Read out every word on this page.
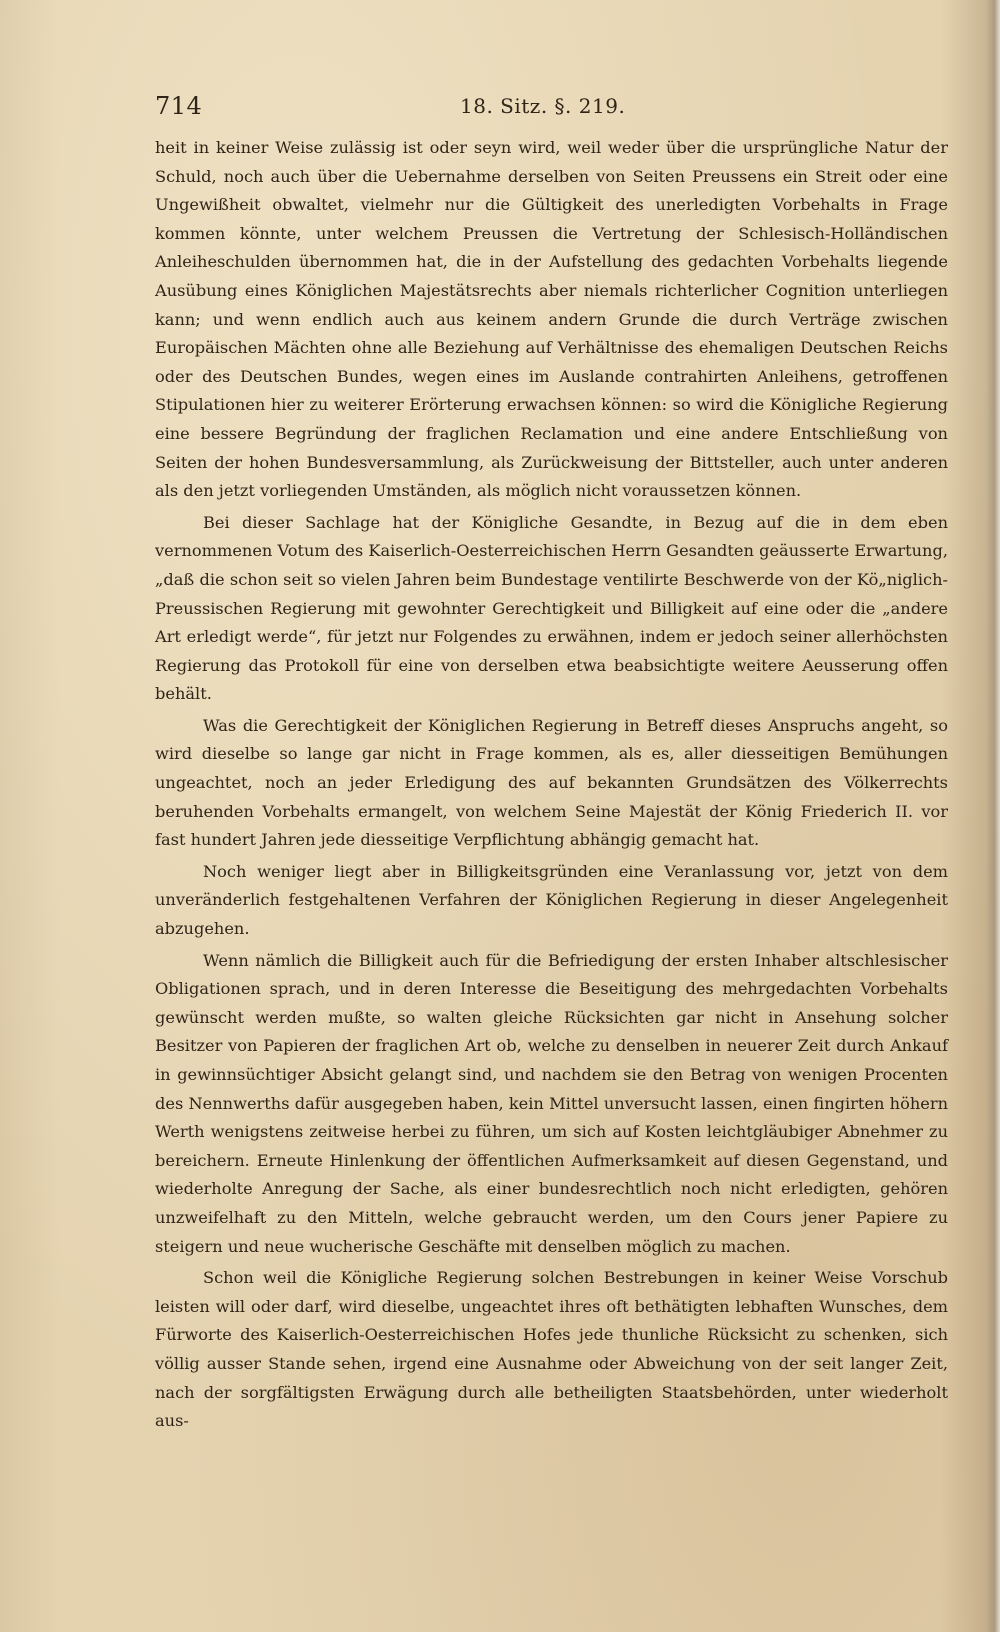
714	18. Sitz. §. 219.

heit in keiner Weise zulässig ist oder seyn wird, weil weder über die ursprüngliche Natur der Schuld, noch auch über die Uebernahme derselben von Seiten Preussens ein Streit oder eine Ungewißheit obwaltet, vielmehr nur die Gültigkeit des unerledigten Vorbehalts in Frage kommen könnte, unter welchem Preussen die Vertretung der Schlesisch-Holländischen Anleiheschulden übernommen hat, die in der Aufstellung des gedachten Vorbehalts liegende Ausübung eines Königlichen Majestätsrechts aber niemals richterlicher Cognition unterliegen kann; und wenn endlich auch aus keinem andern Grunde die durch Verträge zwischen Europäischen Mächten ohne alle Beziehung auf Verhältnisse des ehemaligen Deutschen Reichs oder des Deutschen Bundes, wegen eines im Auslande contrahirten Anleihens, getroffenen Stipulationen hier zu weiterer Erörterung erwachsen können: so wird die Königliche Regierung eine bessere Begründung der fraglichen Reclamation und eine andere Entschließung von Seiten der hohen Bundesversammlung, als Zurückweisung der Bittsteller, auch unter anderen als den jetzt vorliegenden Umständen, als möglich nicht voraussetzen können.

Bei dieser Sachlage hat der Königliche Gesandte, in Bezug auf die in dem eben vernommenen Votum des Kaiserlich-Oesterreichischen Herrn Gesandten geäusserte Erwartung, „daß die schon seit so vielen Jahren beim Bundestage ventilirte Beschwerde von der Kö„niglich-Preussischen Regierung mit gewohnter Gerechtigkeit und Billigkeit auf eine oder die „andere Art erledigt werde“, für jetzt nur Folgendes zu erwähnen, indem er jedoch seiner allerhöchsten Regierung das Protokoll für eine von derselben etwa beabsichtigte weitere Aeusserung offen behält.

Was die Gerechtigkeit der Königlichen Regierung in Betreff dieses Anspruchs angeht, so wird dieselbe so lange gar nicht in Frage kommen, als es, aller diesseitigen Bemühungen ungeachtet, noch an jeder Erledigung des auf bekannten Grundsätzen des Völkerrechts beruhenden Vorbehalts ermangelt, von welchem Seine Majestät der König Friederich II. vor fast hundert Jahren jede diesseitige Verpflichtung abhängig gemacht hat.

Noch weniger liegt aber in Billigkeitsgründen eine Veranlassung vor, jetzt von dem unveränderlich festgehaltenen Verfahren der Königlichen Regierung in dieser Angelegenheit abzugehen.

Wenn nämlich die Billigkeit auch für die Befriedigung der ersten Inhaber altschlesischer Obligationen sprach, und in deren Interesse die Beseitigung des mehrgedachten Vorbehalts gewünscht werden mußte, so walten gleiche Rücksichten gar nicht in Ansehung solcher Besitzer von Papieren der fraglichen Art ob, welche zu denselben in neuerer Zeit durch Ankauf in gewinnsüchtiger Absicht gelangt sind, und nachdem sie den Betrag von wenigen Procenten des Nennwerths dafür ausgegeben haben, kein Mittel unversucht lassen, einen fingirten höhern Werth wenigstens zeitweise herbei zu führen, um sich auf Kosten leichtgläubiger Abnehmer zu bereichern. Erneute Hinlenkung der öffentlichen Aufmerksamkeit auf diesen Gegenstand, und wiederholte Anregung der Sache, als einer bundesrechtlich noch nicht erledigten, gehören unzweifelhaft zu den Mitteln, welche gebraucht werden, um den Cours jener Papiere zu steigern und neue wucherische Geschäfte mit denselben möglich zu machen.

Schon weil die Königliche Regierung solchen Bestrebungen in keiner Weise Vorschub leisten will oder darf, wird dieselbe, ungeachtet ihres oft bethätigten lebhaften Wunsches, dem Fürworte des Kaiserlich-Oesterreichischen Hofes jede thunliche Rücksicht zu schenken, sich völlig ausser Stande sehen, irgend eine Ausnahme oder Abweichung von der seit langer Zeit, nach der sorgfältigsten Erwägung durch alle betheiligten Staatsbehörden, unter wiederholt aus-
